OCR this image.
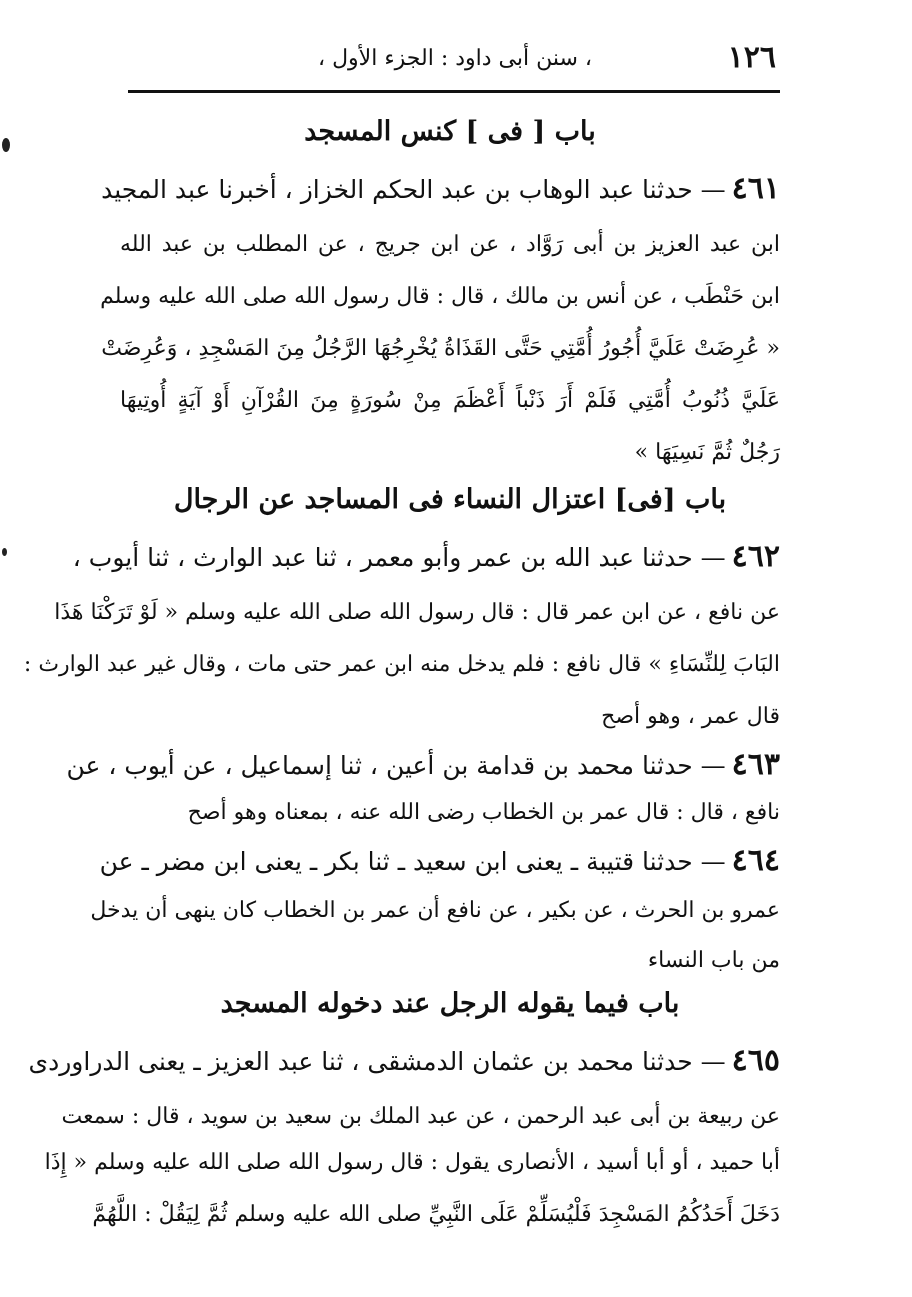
١٢٦
، سنن أبى داود : الجزء الأول ،
باب [ فى ] كنس المسجد
٤٦١— حدثنا عبد الوهاب بن عبد الحكم الخزاز ، أخبرنا عبد المجيد
ابن عبد العزيز بن أبى رَوَّاد ، عن ابن جريج ، عن المطلب بن عبد الله
ابن حَنْطَب ، عن أنس بن مالك ، قال : قال رسول الله صلى الله عليه وسلم
« عُرِضَتْ عَلَيَّ أُجُورُ أُمَّتِي حَتَّى القَذَاةُ يُخْرِجُهَا الرَّجُلُ مِنَ المَسْجِدِ ، وَعُرِضَتْ
عَلَيَّ ذُنُوبُ أُمَّتِي فَلَمْ أَرَ ذَنْباً أَعْظَمَ مِنْ سُورَةٍ مِنَ القُرْآنِ أَوْ آيَةٍ أُوتِيهَا
رَجُلٌ ثُمَّ نَسِيَهَا »
باب [فى] اعتزال النساء فى المساجد عن الرجال
٤٦٢— حدثنا عبد الله بن عمر وأبو معمر ، ثنا عبد الوارث ، ثنا أيوب ،
عن نافع ، عن ابن عمر قال : قال رسول الله صلى الله عليه وسلم « لَوْ تَرَكْنَا هَذَا
البَابَ لِلنِّسَاءِ » قال نافع : فلم يدخل منه ابن عمر حتى مات ، وقال غير عبد الوارث :
قال عمر ، وهو أصح
٤٦٣— حدثنا محمد بن قدامة بن أعين ، ثنا إسماعيل ، عن أيوب ، عن
نافع ، قال : قال عمر بن الخطاب رضى الله عنه ، بمعناه وهو أصح
٤٦٤— حدثنا قتيبة ـ يعنى ابن سعيد ـ ثنا بكر ـ يعنى ابن مضر ـ عن
عمرو بن الحرث ، عن بكير ، عن نافع أن عمر بن الخطاب كان ينهى أن يدخل
من باب النساء
باب فيما يقوله الرجل عند دخوله المسجد
٤٦٥— حدثنا محمد بن عثمان الدمشقى ، ثنا عبد العزيز ـ يعنى الدراوردى
عن ربيعة بن أبى عبد الرحمن ، عن عبد الملك بن سعيد بن سويد ، قال : سمعت
أبا حميد ، أو أبا أسيد ، الأنصارى يقول : قال رسول الله صلى الله عليه وسلم « إِذَا
دَخَلَ أَحَدُكُمُ المَسْجِدَ فَلْيُسَلِّمْ عَلَى النَّبِيِّ صلى الله عليه وسلم ثُمَّ لِيَقُلْ : اللَّهُمَّ
